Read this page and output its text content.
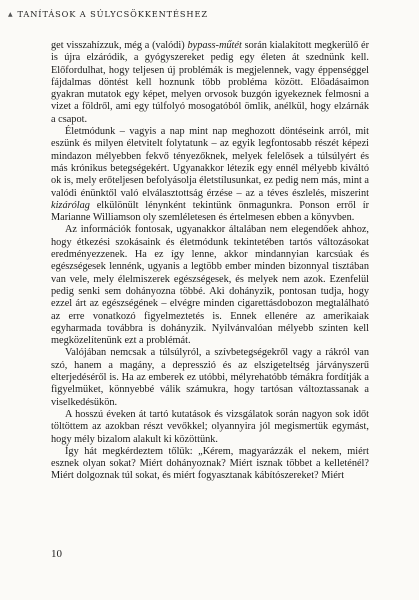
▲ TANÍTÁSOK A SÚLYCSÖKKENTÉSHEZ

get visszahízzuk, még a (valódi) bypass-műtét során kialakított megkerülő ér is újra elzáródik, a gyógyszereket pedig egy életen át szednünk kell. Előfordulhat, hogy teljesen új problémák is megjelennek, vagy éppenséggel fájdalmas döntést kell hoznunk több probléma között. Előadásaimon gyakran mutatok egy képet, melyen orvosok buzgón igyekeznek felmosni a vizet a földről, ami egy túlfolyó mosogatóból ömlik, anélkül, hogy elzárnák a csapot.

Életmódunk – vagyis a nap mint nap meghozott döntéseink arról, mit eszünk és milyen életvitelt folytatunk – az egyik legfontosabb részét képezi mindazon mélyebben fekvő tényezőknek, melyek felelősek a túlsúlyért és más krónikus betegségekért. Ugyanakkor létezik egy ennél mélyebb kiváltó ok is, mely erőteljesen befolyásolja életstílusunkat, ez pedig nem más, mint a valódi énünktől való elválasztottság érzése – az a téves észlelés, miszerint kizárólag elkülönült lénynként tekintünk önmagunkra. Ponson erről ír Marianne Williamson oly szemléletesen és értelmesen ebben a könyvben.

Az információk fontosak, ugyanakkor általában nem elegendőek ahhoz, hogy étkezési szokásaink és életmódunk tekintetében tartós változásokat eredményezzenek. Ha ez így lenne, akkor mindannyian karcsúak és egészségesek lennénk, ugyanis a legtöbb ember minden bizonnyal tisztában van vele, mely élelmiszerek egészségesek, és melyek nem azok. Ezenfelül pedig senki sem dohányozna többé. Aki dohányzik, pontosan tudja, hogy ezzel árt az egészségének – elvégre minden cigarettásdobozon megtalálható az erre vonatkozó figyelmeztetés is. Ennek ellenére az amerikaiak egyharmada továbbra is dohányzik. Nyilvánvalóan mélyebb szinten kell megközelítenünk ezt a problémát.

Valójában nemcsak a túlsúlyról, a szívbetegségekről vagy a rákról van szó, hanem a magány, a depresszió és az elszigeteltség járványszerű elterjedéséről is. Ha az emberek ez utóbbi, mélyrehatóbb témákra fordítják a figyelmüket, könnyebbé válik számukra, hogy tartósan változtassanak a viselkedésükön.

A hosszú éveken át tartó kutatások és vizsgálatok során nagyon sok időt töltöttem az azokban részt vevőkkel; olyannyira jól megismertük egymást, hogy mély bizalom alakult ki közöttünk.

Így hát megkérdeztem tőlük: „Kérem, magyarázzák el nekem, miért esznek olyan sokat? Miért dohányoznak? Miért isznak többet a kelleténél? Miért dolgoznak túl sokat, és miért fogyasztanak kábítószereket? Miért

10
